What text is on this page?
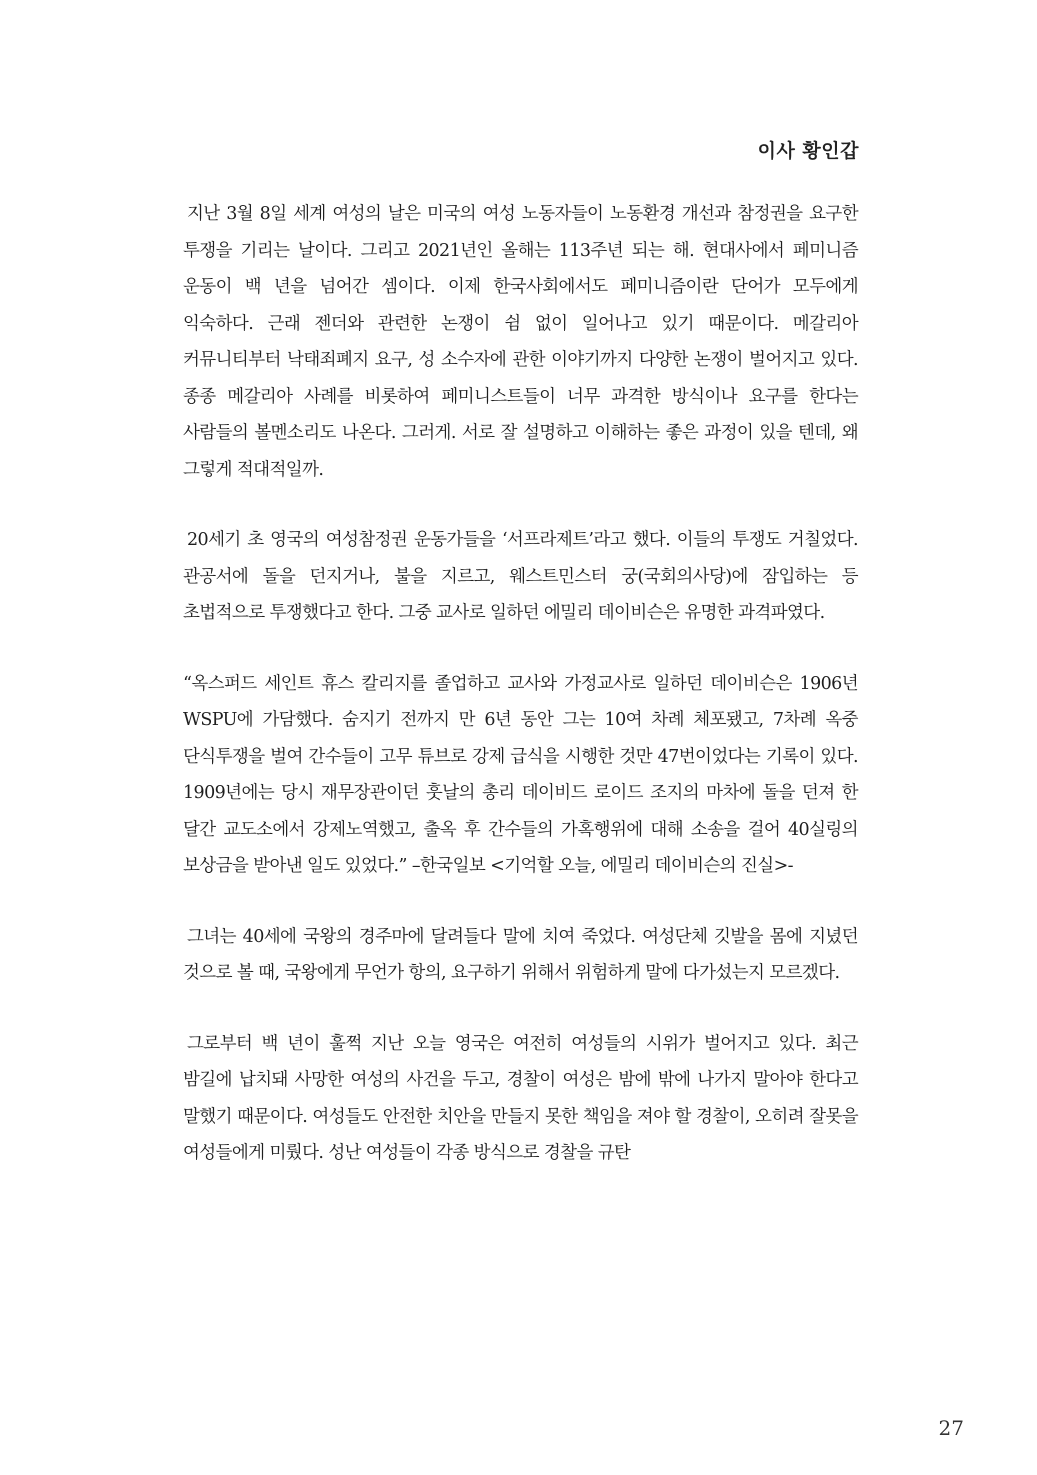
이사 황인갑

지난 3월 8일 세계 여성의 날은 미국의 여성 노동자들이 노동환경 개선과 참정권을 요구한 투쟁을 기리는 날이다. 그리고 2021년인 올해는 113주년 되는 해. 현대사에서 페미니즘 운동이 백 년을 넘어간 셈이다. 이제 한국사회에서도 페미니즘이란 단어가 모두에게 익숙하다. 근래 젠더와 관련한 논쟁이 쉼 없이 일어나고 있기 때문이다. 메갈리아 커뮤니티부터 낙태죄폐지 요구, 성 소수자에 관한 이야기까지 다양한 논쟁이 벌어지고 있다. 종종 메갈리아 사례를 비롯하여 페미니스트들이 너무 과격한 방식이나 요구를 한다는 사람들의 볼멘소리도 나온다. 그러게. 서로 잘 설명하고 이해하는 좋은 과정이 있을 텐데, 왜 그렇게 적대적일까.

20세기 초 영국의 여성참정권 운동가들을 ‘서프라제트’라고 했다. 이들의 투쟁도 거칠었다. 관공서에 돌을 던지거나, 불을 지르고, 웨스트민스터 궁(국회의사당)에 잠입하는 등 초법적으로 투쟁했다고 한다. 그중 교사로 일하던 에밀리 데이비슨은 유명한 과격파였다.

“옥스퍼드 세인트 휴스 칼리지를 졸업하고 교사와 가정교사로 일하던 데이비슨은 1906년 WSPU에 가담했다. 숨지기 전까지 만 6년 동안 그는 10여 차례 체포됐고, 7차례 옥중 단식투쟁을 벌여 간수들이 고무 튜브로 강제 급식을 시행한 것만 47번이었다는 기록이 있다. 1909년에는 당시 재무장관이던 훗날의 총리 데이비드 로이드 조지의 마차에 돌을 던져 한 달간 교도소에서 강제노역했고, 출옥 후 간수들의 가혹행위에 대해 소송을 걸어 40실링의 보상금을 받아낸 일도 있었다.” –한국일보 <기억할 오늘, 에밀리 데이비슨의 진실>-

그녀는 40세에 국왕의 경주마에 달려들다 말에 치여 죽었다. 여성단체 깃발을 몸에 지녔던 것으로 볼 때, 국왕에게 무언가 항의, 요구하기 위해서 위험하게 말에 다가섰는지 모르겠다.

그로부터 백 년이 훌쩍 지난 오늘 영국은 여전히 여성들의 시위가 벌어지고 있다. 최근 밤길에 납치돼 사망한 여성의 사건을 두고, 경찰이 여성은 밤에 밖에 나가지 말아야 한다고 말했기 때문이다. 여성들도 안전한 치안을 만들지 못한 책임을 져야 할 경찰이, 오히려 잘못을 여성들에게 미뤘다. 성난 여성들이 각종 방식으로 경찰을 규탄

27
